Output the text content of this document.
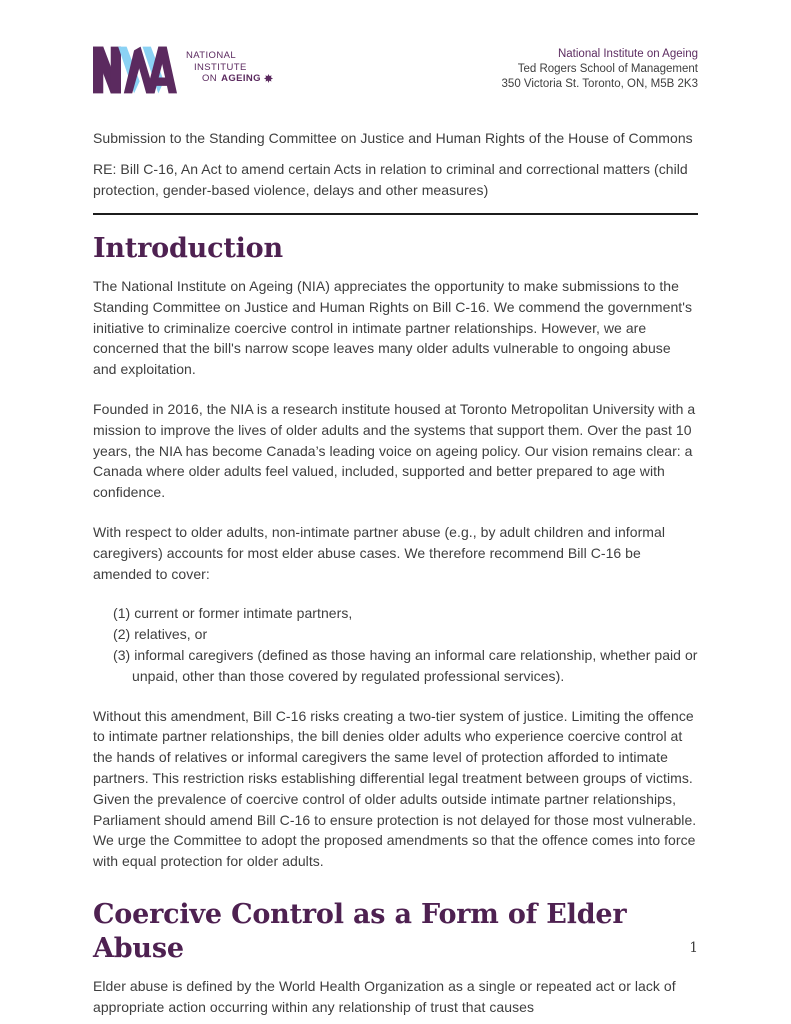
NATIONAL
INSTITUTE
ON AGEING
National Institute on Ageing
Ted Rogers School of Management
350 Victoria St. Toronto, ON, M5B 2K3

Submission to the Standing Committee on Justice and Human Rights of the House of Commons

RE: Bill C-16, An Act to amend certain Acts in relation to criminal and correctional matters (child protection, gender-based violence, delays and other measures)

Introduction

The National Institute on Ageing (NIA) appreciates the opportunity to make submissions to the Standing Committee on Justice and Human Rights on Bill C-16. We commend the government's initiative to criminalize coercive control in intimate partner relationships. However, we are concerned that the bill's narrow scope leaves many older adults vulnerable to ongoing abuse and exploitation.

Founded in 2016, the NIA is a research institute housed at Toronto Metropolitan University with a mission to improve the lives of older adults and the systems that support them. Over the past 10 years, the NIA has become Canada’s leading voice on ageing policy. Our vision remains clear: a Canada where older adults feel valued, included, supported and better prepared to age with confidence.

With respect to older adults, non-intimate partner abuse (e.g., by adult children and informal caregivers) accounts for most elder abuse cases. We therefore recommend Bill C-16 be amended to cover:

(1) current or former intimate partners,
(2) relatives, or
(3) informal caregivers (defined as those having an informal care relationship, whether paid or unpaid, other than those covered by regulated professional services).

Without this amendment, Bill C-16 risks creating a two-tier system of justice. Limiting the offence to intimate partner relationships, the bill denies older adults who experience coercive control at the hands of relatives or informal caregivers the same level of protection afforded to intimate partners. This restriction risks establishing differential legal treatment between groups of victims. Given the prevalence of coercive control of older adults outside intimate partner relationships, Parliament should amend Bill C-16 to ensure protection is not delayed for those most vulnerable. We urge the Committee to adopt the proposed amendments so that the offence comes into force with equal protection for older adults.

Coercive Control as a Form of Elder Abuse

Elder abuse is defined by the World Health Organization as a single or repeated act or lack of appropriate action occurring within any relationship of trust that causes

1
